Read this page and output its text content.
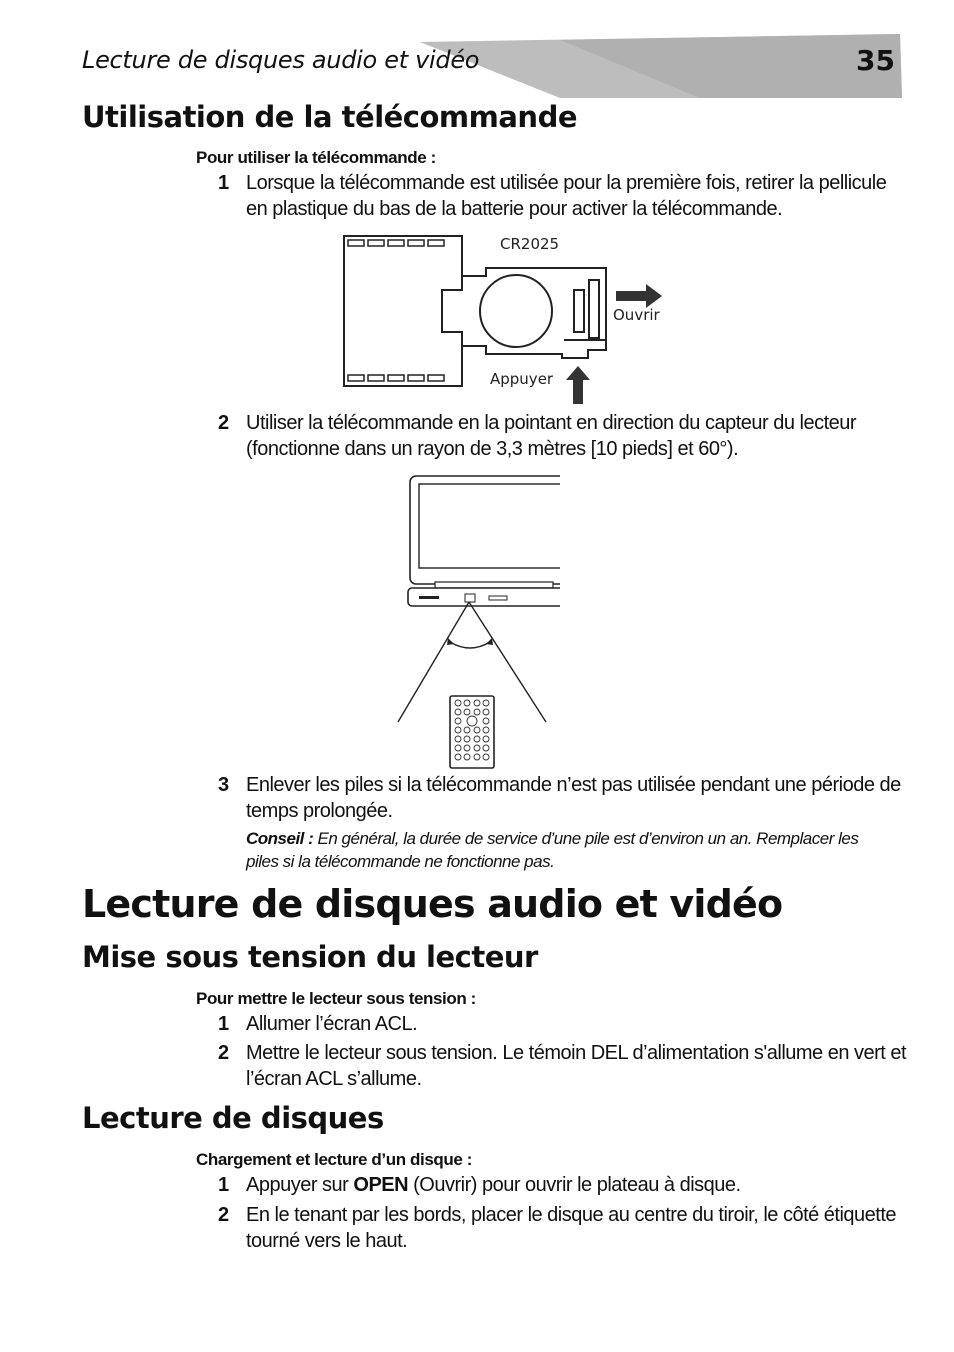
Lecture de disques audio et vidéo	35
Utilisation de la télécommande
Pour utiliser la télécommande :
1 Lorsque la télécommande est utilisée pour la première fois, retirer la pellicule en plastique du bas de la batterie pour activer la télécommande.
CR2025
Ouvrir
Appuyer
2 Utiliser la télécommande en la pointant en direction du capteur du lecteur (fonctionne dans un rayon de 3,3 mètres [10 pieds] et 60°).
3 Enlever les piles si la télécommande n’est pas utilisée pendant une période de temps prolongée.
Conseil : En général, la durée de service d’une pile est d’environ un an. Remplacer les piles si la télécommande ne fonctionne pas.
Lecture de disques audio et vidéo
Mise sous tension du lecteur
Pour mettre le lecteur sous tension :
1 Allumer l’écran ACL.
2 Mettre le lecteur sous tension. Le témoin DEL d’alimentation s'allume en vert et l’écran ACL s’allume.
Lecture de disques
Chargement et lecture d’un disque :
1 Appuyer sur OPEN (Ouvrir) pour ouvrir le plateau à disque.
2 En le tenant par les bords, placer le disque au centre du tiroir, le côté étiquette tourné vers le haut.
